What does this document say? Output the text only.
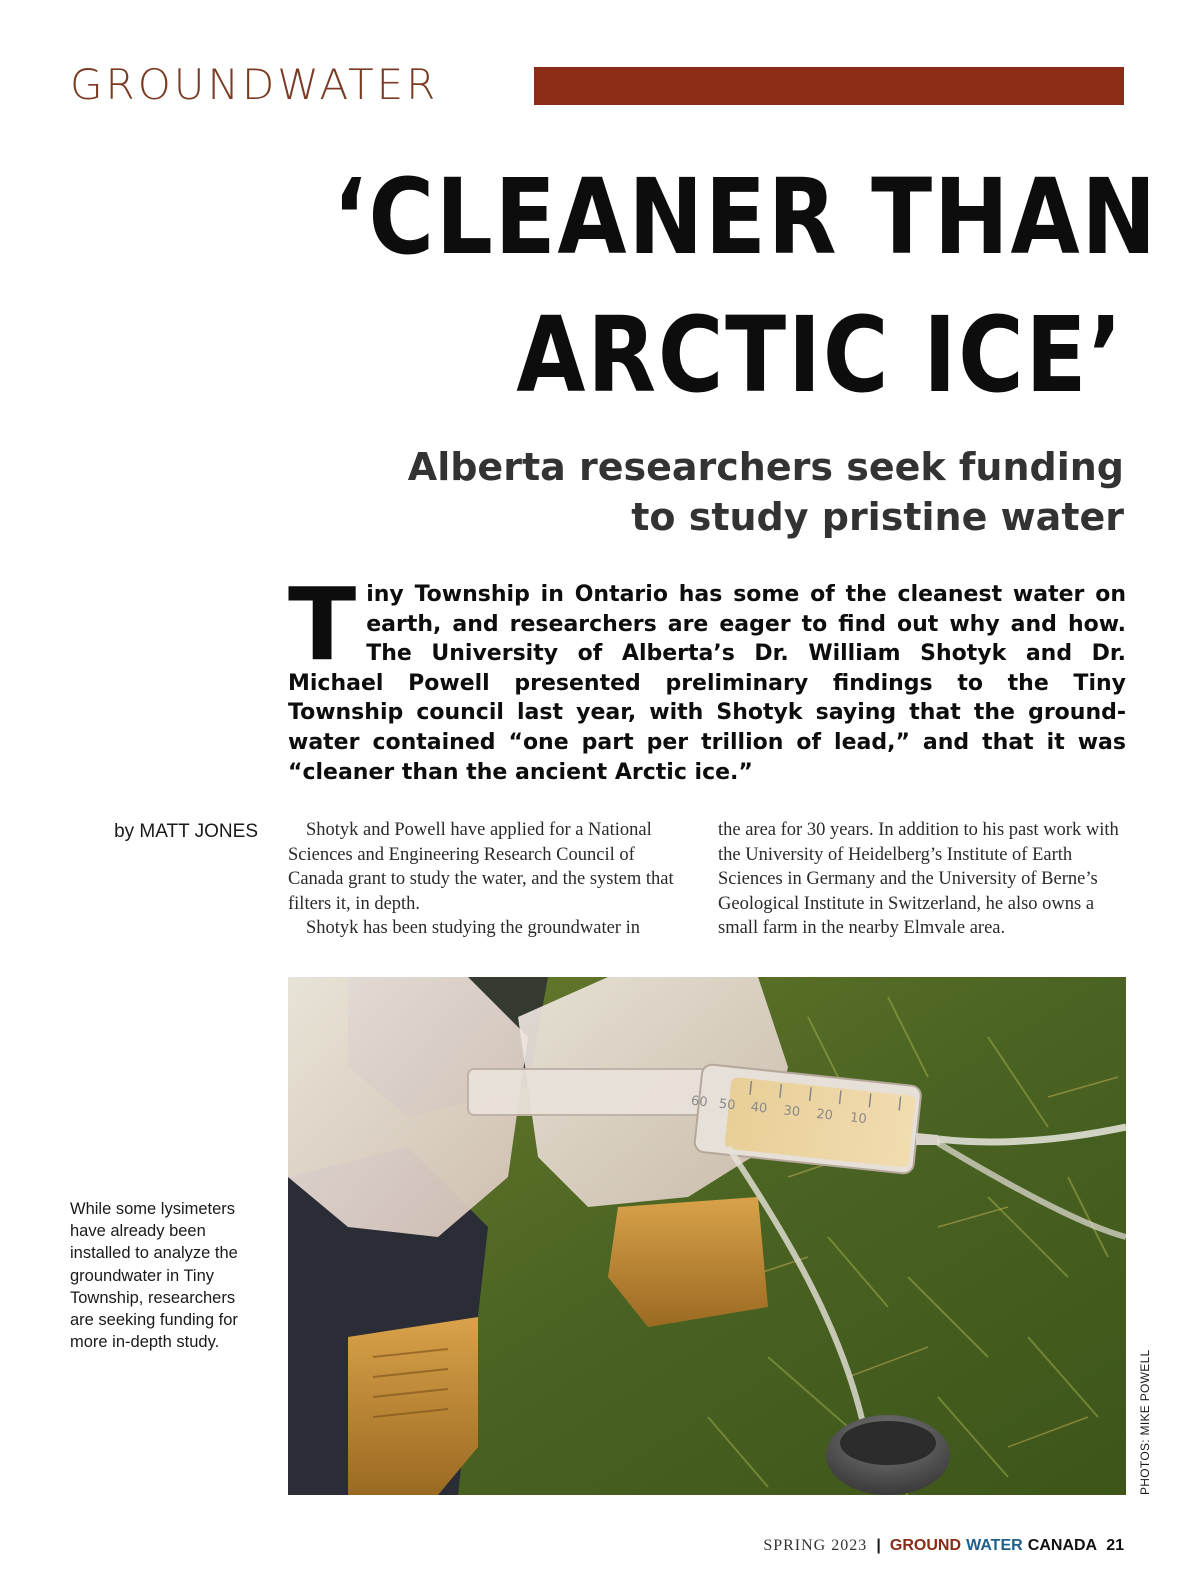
GROUNDWATER
‘CLEANER THAN
ARCTIC ICE’
Alberta researchers seek funding
to study pristine water
Tiny Township in Ontario has some of the cleanest water on earth, and researchers are eager to find out why and how. The University of Alberta’s Dr. William Shotyk and Dr. Michael Powell presented preliminary findings to the Tiny Township council last year, with Shotyk saying that the ground-water contained “one part per trillion of lead,” and that it was “cleaner than the ancient Arctic ice.”
by MATT JONES	Shotyk and Powell have applied for a National Sciences and Engineering Research Council of Canada grant to study the water, and the system that filters it, in depth.

Shotyk has been studying the groundwater in

the area for 30 years. In addition to his past work with the University of Heidelberg’s Institute of Earth Sciences in Germany and the University of Berne’s Geological Institute in Switzerland, he also owns a small farm in the nearby Elmvale area.

60 50 40 30 20 10
While some lysimeters have already been installed to analyze the groundwater in Tiny Township, researchers are seeking funding for more in-depth study.
PHOTOS: MIKE POWELL
SPRING 2023 | GROUND WATER CANADA 21
